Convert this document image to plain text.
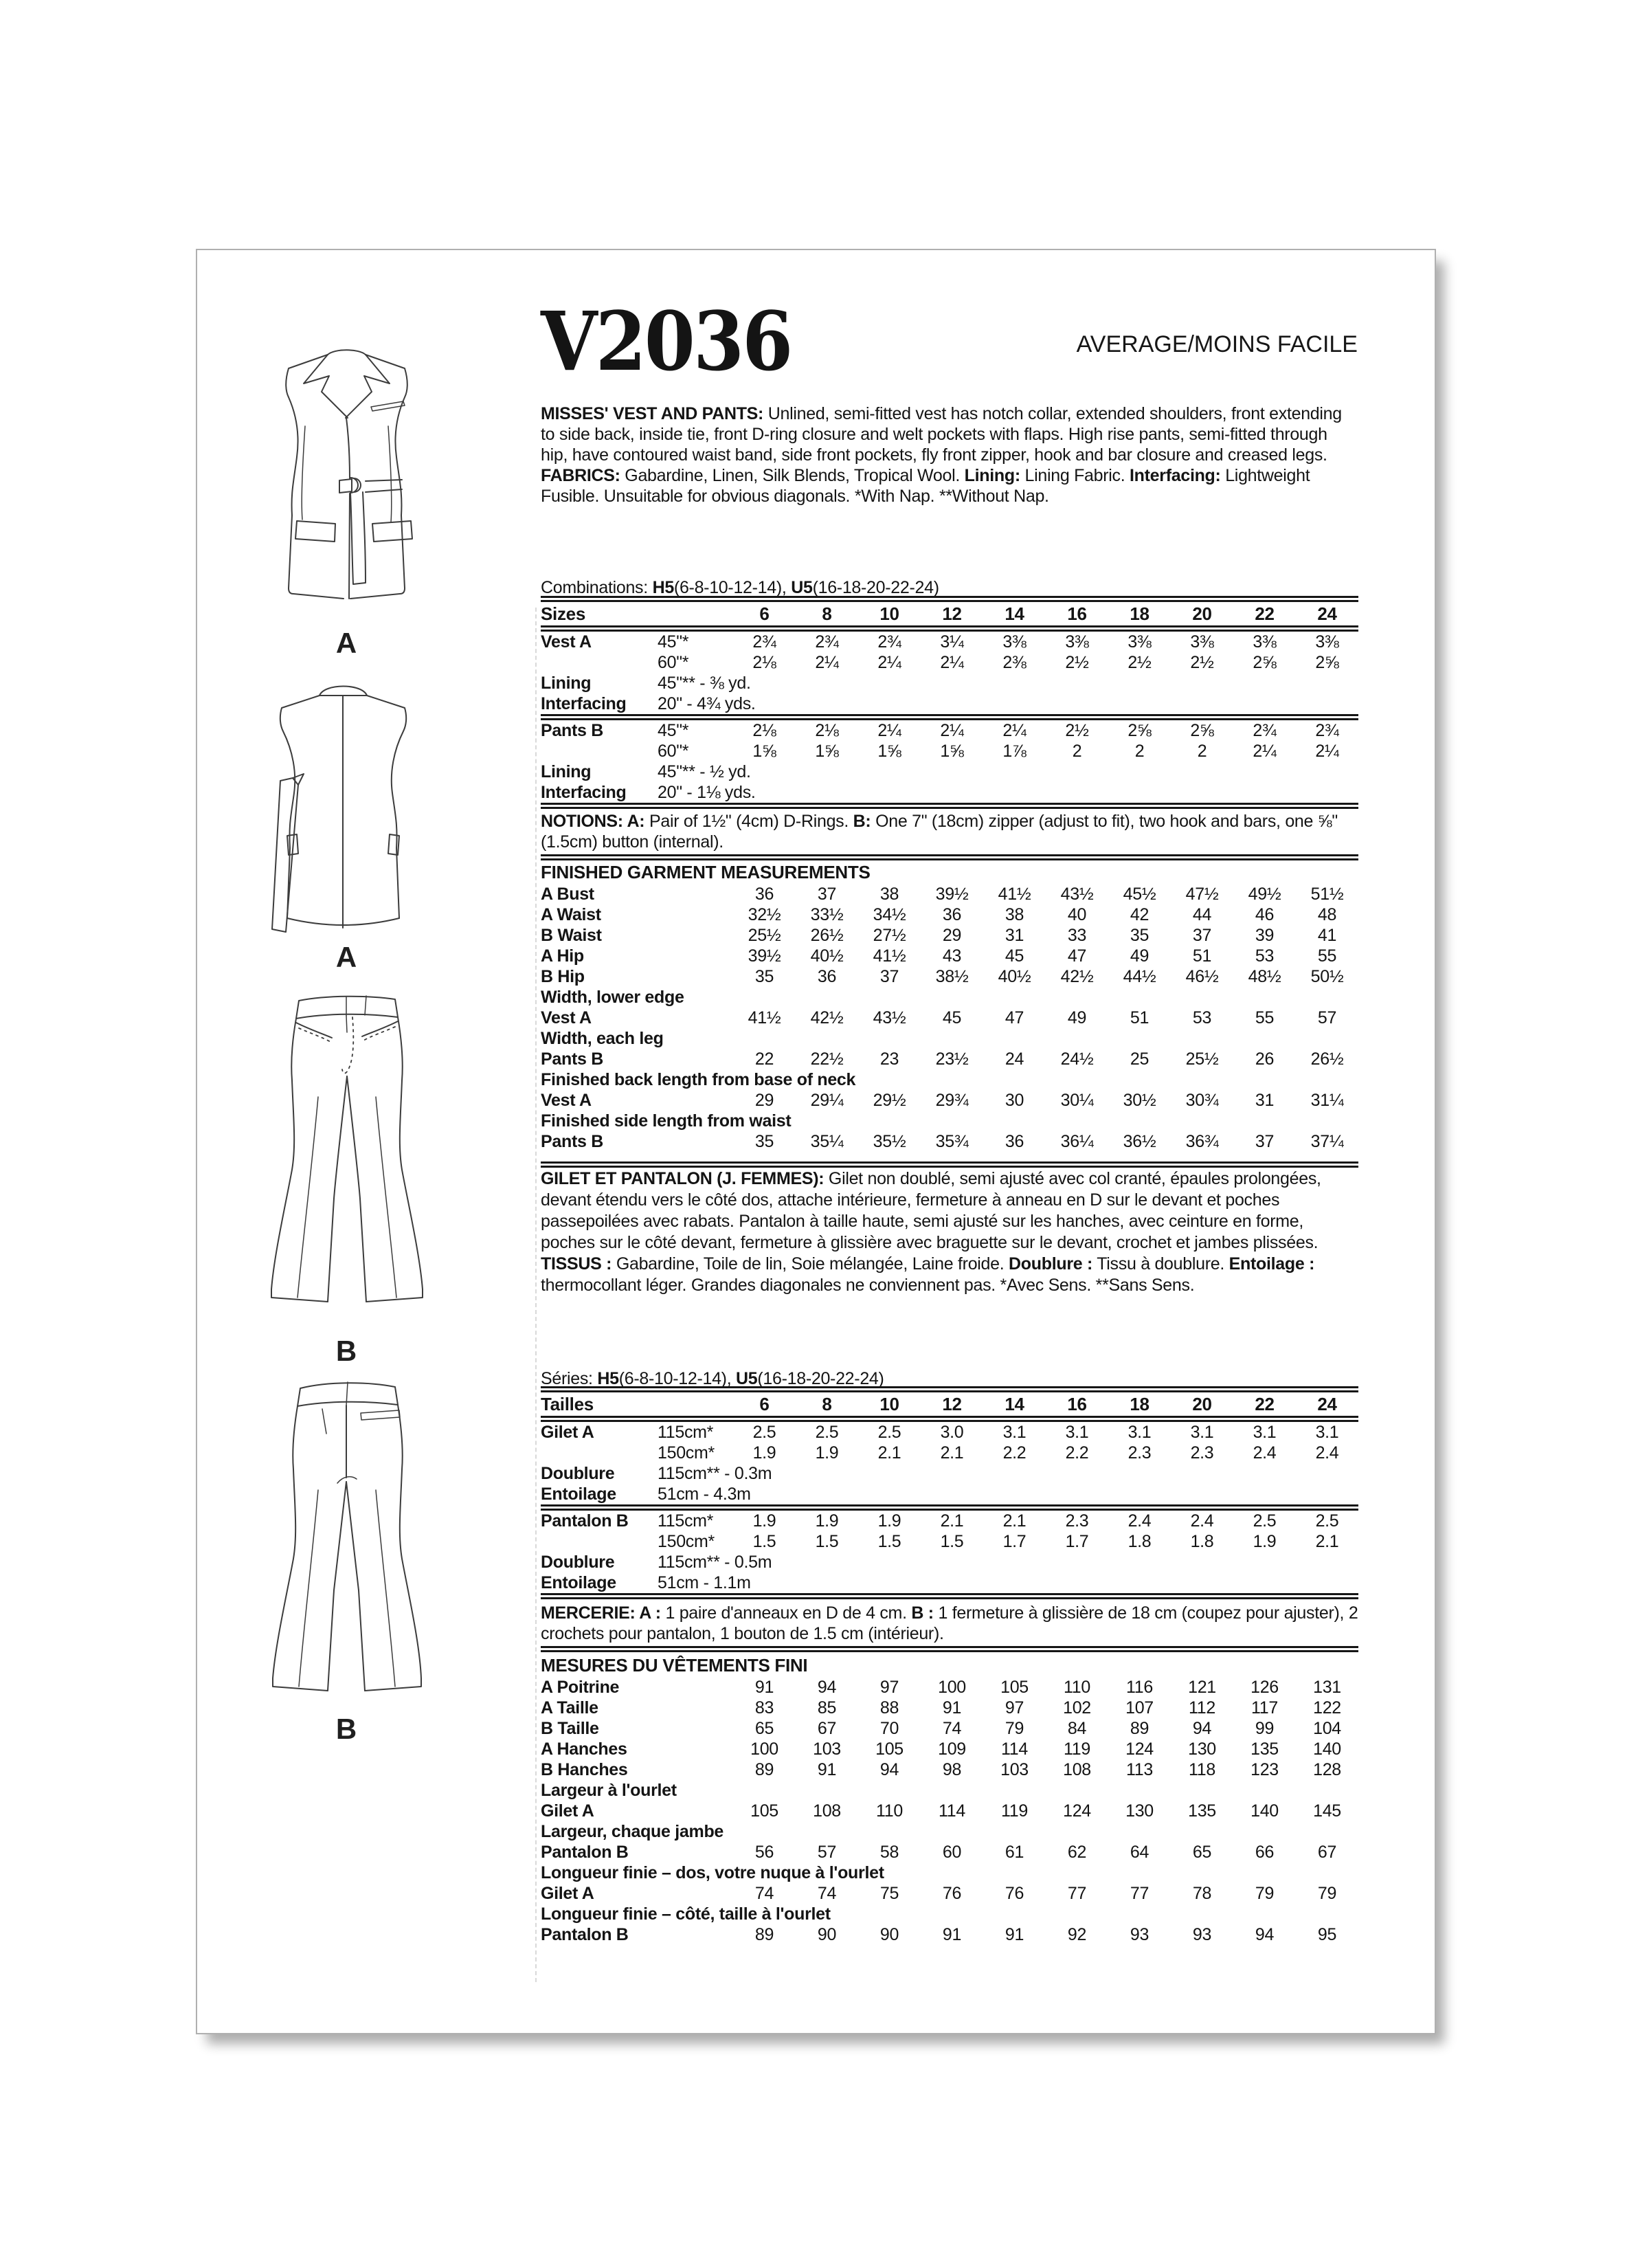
A
A
B
B
V2036	AVERAGE/MOINS FACILE

MISSES' VEST AND PANTS: Unlined, semi-fitted vest has notch collar, extended shoulders, front extending to side back, inside tie, front D-ring closure and welt pockets with flaps. High rise pants, semi-fitted through hip, have contoured waist band, side front pockets, fly front zipper, hook and bar closure and creased legs. FABRICS: Gabardine, Linen, Silk Blends, Tropical Wool. Lining: Lining Fabric. Interfacing: Lightweight Fusible. Unsuitable for obvious diagonals. *With Nap. **Without Nap.

Combinations: H5(6-8-10-12-14), U5(16-18-20-22-24)

Sizes	6	8	10	12	14	16	18	20	22	24
Vest A	45"*	2¾	2¾	2¾	3¼	3⅜	3⅜	3⅜	3⅜	3⅜	3⅜
60"*	2⅛	2¼	2¼	2¼	2⅜	2½	2½	2½	2⅝	2⅝
Lining	45"** - ⅜ yd.
Interfacing	20" - 4¾ yds.
Pants B	45"*	2⅛	2⅛	2¼	2¼	2¼	2½	2⅝	2⅝	2¾	2¾
60"*	1⅝	1⅝	1⅝	1⅝	1⅞	2	2	2	2¼	2¼
Lining	45"** - ½ yd.
Interfacing	20" - 1⅛ yds.

NOTIONS: A: Pair of 1½" (4cm) D-Rings. B: One 7" (18cm) zipper (adjust to fit), two hook and bars, one ⅝" (1.5cm) button (internal).

FINISHED GARMENT MEASUREMENTS
A Bust	36	37	38	39½	41½	43½	45½	47½	49½	51½
A Waist	32½	33½	34½	36	38	40	42	44	46	48
B Waist	25½	26½	27½	29	31	33	35	37	39	41
A Hip	39½	40½	41½	43	45	47	49	51	53	55
B Hip	35	36	37	38½	40½	42½	44½	46½	48½	50½
Width, lower edge
Vest A	41½	42½	43½	45	47	49	51	53	55	57
Width, each leg
Pants B	22	22½	23	23½	24	24½	25	25½	26	26½
Finished back length from base of neck
Vest A	29	29¼	29½	29¾	30	30¼	30½	30¾	31	31¼
Finished side length from waist
Pants B	35	35¼	35½	35¾	36	36¼	36½	36¾	37	37¼

GILET ET PANTALON (J. FEMMES): Gilet non doublé, semi ajusté avec col cranté, épaules prolongées, devant étendu vers le côté dos, attache intérieure, fermeture à anneau en D sur le devant et poches passepoilées avec rabats. Pantalon à taille haute, semi ajusté sur les hanches, avec ceinture en forme, poches sur le côté devant, fermeture à glissière avec braguette sur le devant, crochet et jambes plissées. TISSUS : Gabardine, Toile de lin, Soie mélangée, Laine froide. Doublure : Tissu à doublure. Entoilage : thermocollant léger. Grandes diagonales ne conviennent pas. *Avec Sens. **Sans Sens.

Séries: H5(6-8-10-12-14), U5(16-18-20-22-24)

Tailles	6	8	10	12	14	16	18	20	22	24
Gilet A	115cm*	2.5	2.5	2.5	3.0	3.1	3.1	3.1	3.1	3.1	3.1
150cm*	1.9	1.9	2.1	2.1	2.2	2.2	2.3	2.3	2.4	2.4
Doublure	115cm** - 0.3m
Entoilage	51cm - 4.3m
Pantalon B	115cm*	1.9	1.9	1.9	2.1	2.1	2.3	2.4	2.4	2.5	2.5
150cm*	1.5	1.5	1.5	1.5	1.7	1.7	1.8	1.8	1.9	2.1
Doublure	115cm** - 0.5m
Entoilage	51cm - 1.1m

MERCERIE: A : 1 paire d'anneaux en D de 4 cm. B : 1 fermeture à glissière de 18 cm (coupez pour ajuster), 2 crochets pour pantalon, 1 bouton de 1.5 cm (intérieur).

MESURES DU VÊTEMENTS FINI
A Poitrine	91	94	97	100	105	110	116	121	126	131
A Taille	83	85	88	91	97	102	107	112	117	122
B Taille	65	67	70	74	79	84	89	94	99	104
A Hanches	100	103	105	109	114	119	124	130	135	140
B Hanches	89	91	94	98	103	108	113	118	123	128
Largeur à l'ourlet
Gilet A	105	108	110	114	119	124	130	135	140	145
Largeur, chaque jambe
Pantalon B	56	57	58	60	61	62	64	65	66	67
Longueur finie – dos, votre nuque à l'ourlet
Gilet A	74	74	75	76	76	77	77	78	79	79
Longueur finie – côté, taille à l'ourlet
Pantalon B	89	90	90	91	91	92	93	93	94	95
